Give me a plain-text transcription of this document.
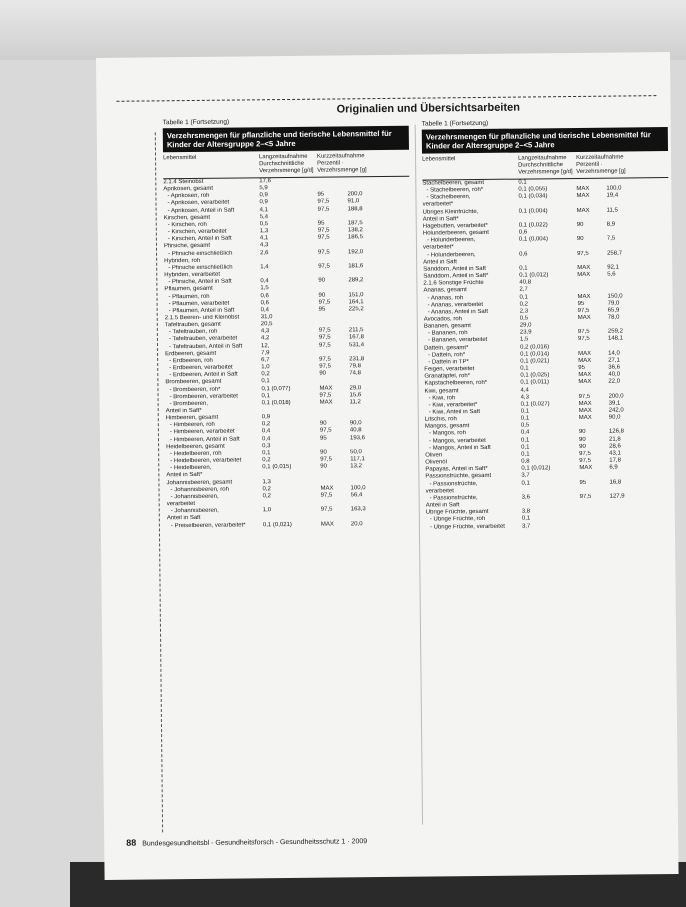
Originalien und Übersichtsarbeiten
Tabelle 1 (Fortsetzung)
Verzehrsmengen für pflanzliche und tierische Lebensmittel für Kinder der Altersgruppe 2–<5 Jahre
Lebensmittel	Langzeitaufnahme Durchschnittliche Verzehrsmenge [g/d]
Kurzzeitaufnahme
Perzentil · Verzehrsmenge [g]
2.1.4 Steinobst	17,6
Aprikosen, gesamt	5,9
- Aprikosen, roh	0,9	95	200,0
- Aprikosen, verarbeitet	0,9	97,5	91,0
- Aprikosen, Anteil in Saft	4,1	97,5	188,8
Kirschen, gesamt	5,4
- Kirschen, roh	0,5	95	187,5
- Kirschen, verarbeitet	1,3	97,5	138,2
- Kirschen, Anteil in Saft	4,1	97,5	186,5
Pfirsiche, gesamt	4,3
- Pfirsiche einschließlich	2,6	97,5	192,0
Hybriden, roh
- Pfirsiche einschließlich	1,4	97,5	181,6
Hybriden, verarbeitet
- Pfirsiche, Anteil in Saft	0,4	90	289,2
Pflaumen, gesamt	1,5
- Pflaumen, roh	0,6	90	151,0
- Pflaumen, verarbeitet	0,6	97,5	164,1
- Pflaumen, Anteil in Saft	0,4	95	225,2
2.1.5 Beeren- und Kleinobst	31,0
Tafeltrauben, gesamt	20,5
- Tafeltrauben, roh	4,3	97,5	211,5
- Tafeltrauben, verarbeitet	4,2	97,5	167,8
- Tafeltrauben, Anteil in Saft	12,	97,5	531,4
Erdbeeren, gesamt	7,9
- Erdbeeren, roh	6,7	97,5	231,8
- Erdbeeren, verarbeitet	1,0	97,5	79,8
- Erdbeeren, Anteil in Saft	0,2	90	74,8
Brombeeren, gesamt	0,1
- Brombeeren, roh*	0,1 (0,077)	MAX	29,0
- Brombeeren, verarbeitet	0,1	97,5	15,6
- Brombeeren,	0,1 (0,018)	MAX	11,2
Anteil in Saft*
Himbeeren, gesamt	0,9
- Himbeeren, roh	0,2	90	90,0
- Himbeeren, verarbeitet	0,4	97,5	40,8
- Himbeeren, Anteil in Saft	0,4	95	193,6
Heidelbeeren, gesamt	0,3
- Heidelbeeren, roh	0,1	90	50,0
- Heidelbeeren, verarbeitet	0,2	97,5	117,1
- Heidelbeeren,	0,1 (0,015)	90	13,2
Anteil in Saft*
Johannisbeeren, gesamt	1,3
- Johannisbeeren, roh	0,2	MAX	100,0
- Johannisbeeren,	0,2	97,5	56,4
verarbeitet
- Johannisbeeren,	1,0	97,5	163,3
Anteil in Saft
- Preiselbeeren, verarbeitet*	0,1 (0,021)	MAX	20,0
Tabelle 1 (Fortsetzung)
Verzehrsmengen für pflanzliche und tierische Lebensmittel für Kinder der Altersgruppe 2–<5 Jahre
Lebensmittel	Langzeitaufnahme Durchschnittliche Verzehrsmenge [g/d]
Kurzzeitaufnahme
Perzentil · Verzehrsmenge [g]
Stachelbeeren, gesamt	0,1
- Stachelbeeren, roh*	0,1 (0,055)	MAX	100,0
- Stachelbeeren,	0,1 (0,034)	MAX	19,4
verarbeitet*
Übriges Kleinfrüchte,	0,1 (0,004)	MAX	11,5
Anteil in Saft*
Hagebutten, verarbeitet*	0,1 (0,022)	90	8,9
Holunderbeeren, gesamt	0,6
- Holunderbeeren,	0,1 (0,004)	90	7,5
verarbeitet*
- Holunderbeeren,	0,6	97,5	258,7
Anteil in Saft
Sanddorn, Anteil in Saft	0,1	MAX	92,1
Sanddorn, Anteil in Saft*	0,1 (0,012)	MAX	5,6
2.1.6 Sonstige Früchte	40,8
Ananas, gesamt	2,7
- Ananas, roh	0,1	MAX	150,0
- Ananas, verarbeitet	0,2	95	79,0
- Ananas, Anteil in Saft	2,3	97,5	65,9
Avocados, roh	0,5	MAX	78,0
Bananen, gesamt	29,0
- Bananen, roh	23,9	97,5	259,2
- Bananen, verarbeitet	1,5	97,5	148,1
Datteln, gesamt*	0,2 (0,016)
- Datteln, roh*	0,1 (0,014)	MAX	14,0
- Datteln in TP*	0,1 (0,021)	MAX	27,1
Feigen, verarbeitet	0,1	95	36,6
Granatäpfel, roh*	0,1 (0,025)	MAX	40,0
Kapstachelbeeren, roh*	0,1 (0,011)	MAX	22,0
Kiwi, gesamt	4,4
- Kiwi, roh	4,3	97,5	200,0
- Kiwi, verarbeitet*	0,1 (0,027)	MAX	39,1
- Kiwi, Anteil in Saft	0,1	MAX	242,0
Litschis, roh	0,1	MAX	90,0
Mangos, gesamt	0,5
- Mangos, roh	0,4	90	126,8
- Mangos, verarbeitet	0,1	90	21,8
- Mangos, Anteil in Saft	0,1	90	28,6
Oliven	0,1	97,5	43,1
Olivenöl	0,8	97,5	17,8
Papayas, Anteil in Saft*	0,1 (0,012)	MAX	6,9
Passionsfrüchte, gesamt	3,7
- Passionsfrüchte,	0,1	95	16,8
verarbeitet
- Passionsfrüchte,	3,6	97,5	127,9
Anteil in Saft
Übrige Früchte, gesamt	3,8
- Übrige Früchte, roh	0,1
- Übrige Früchte, verarbeitet	3,7
88 Bundesgesundheitsbl - Gesundheitsforsch - Gesundheitsschutz 1 · 2009
